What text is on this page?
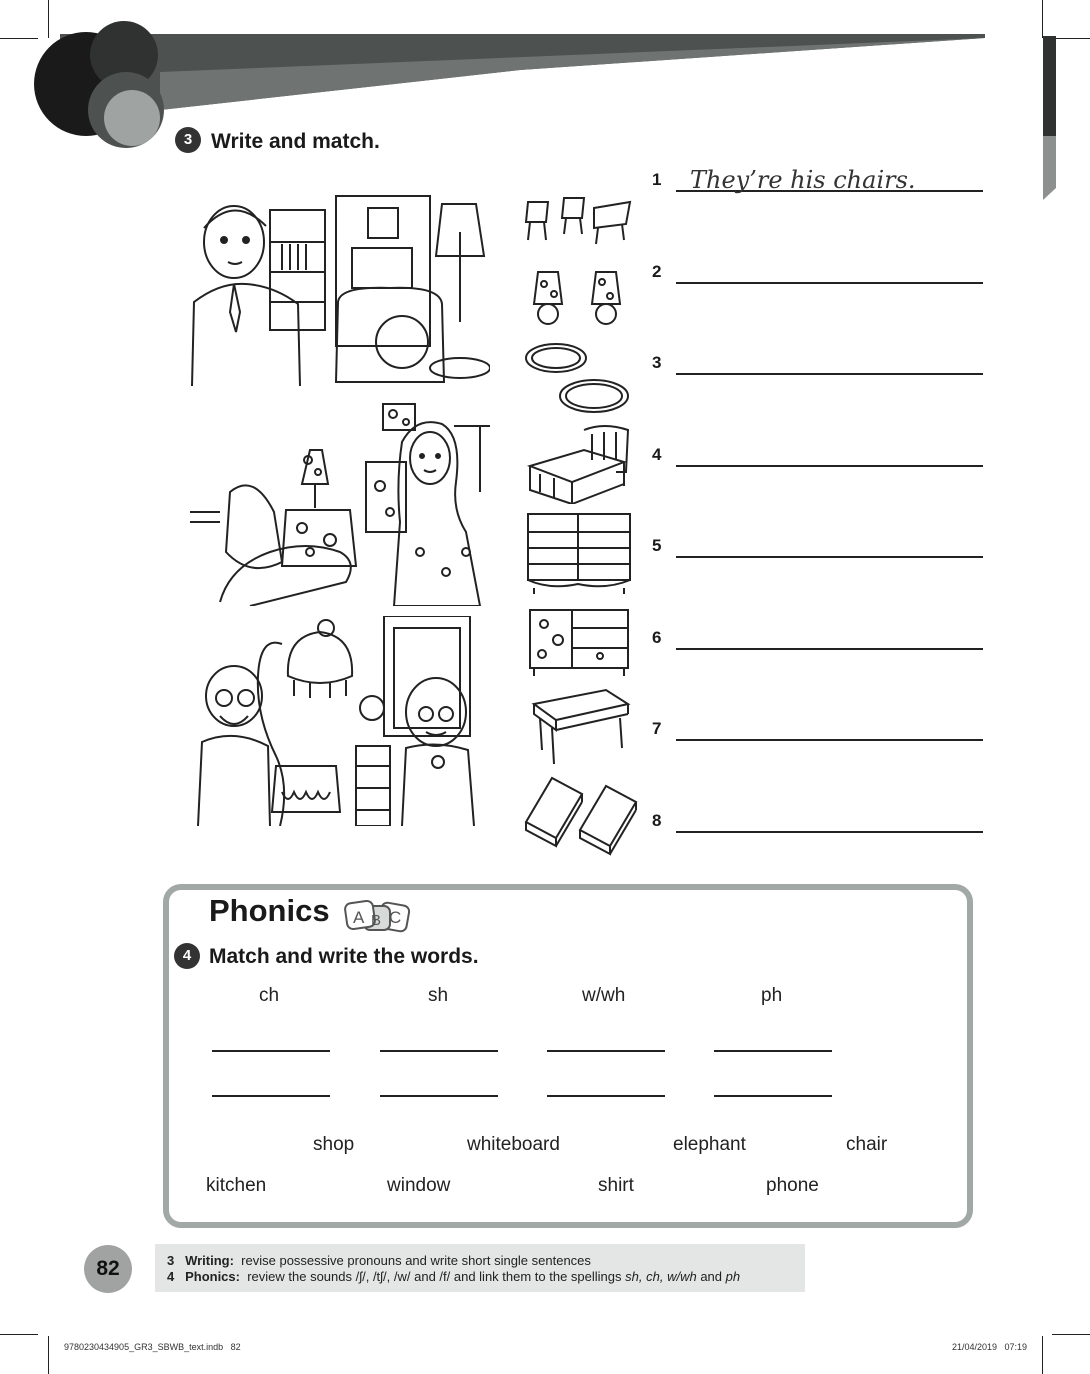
3 Write and match.
1 They’re his chairs.
2
3
4
5
6
7
8
Phonics A B C
4 Match and write the words.
ch	sh	w/wh	ph
shop	whiteboard	elephant	chair
kitchen	window	shirt	phone
82	3 Writing: revise possessive pronouns and write short single sentences
4 Phonics: review the sounds /ʃ/, /tʃ/, /w/ and /f/ and link them to the spellings sh, ch, w/wh and ph
9780230434905_GR3_SBWB_text.indb   82	21/04/2019   07:19
